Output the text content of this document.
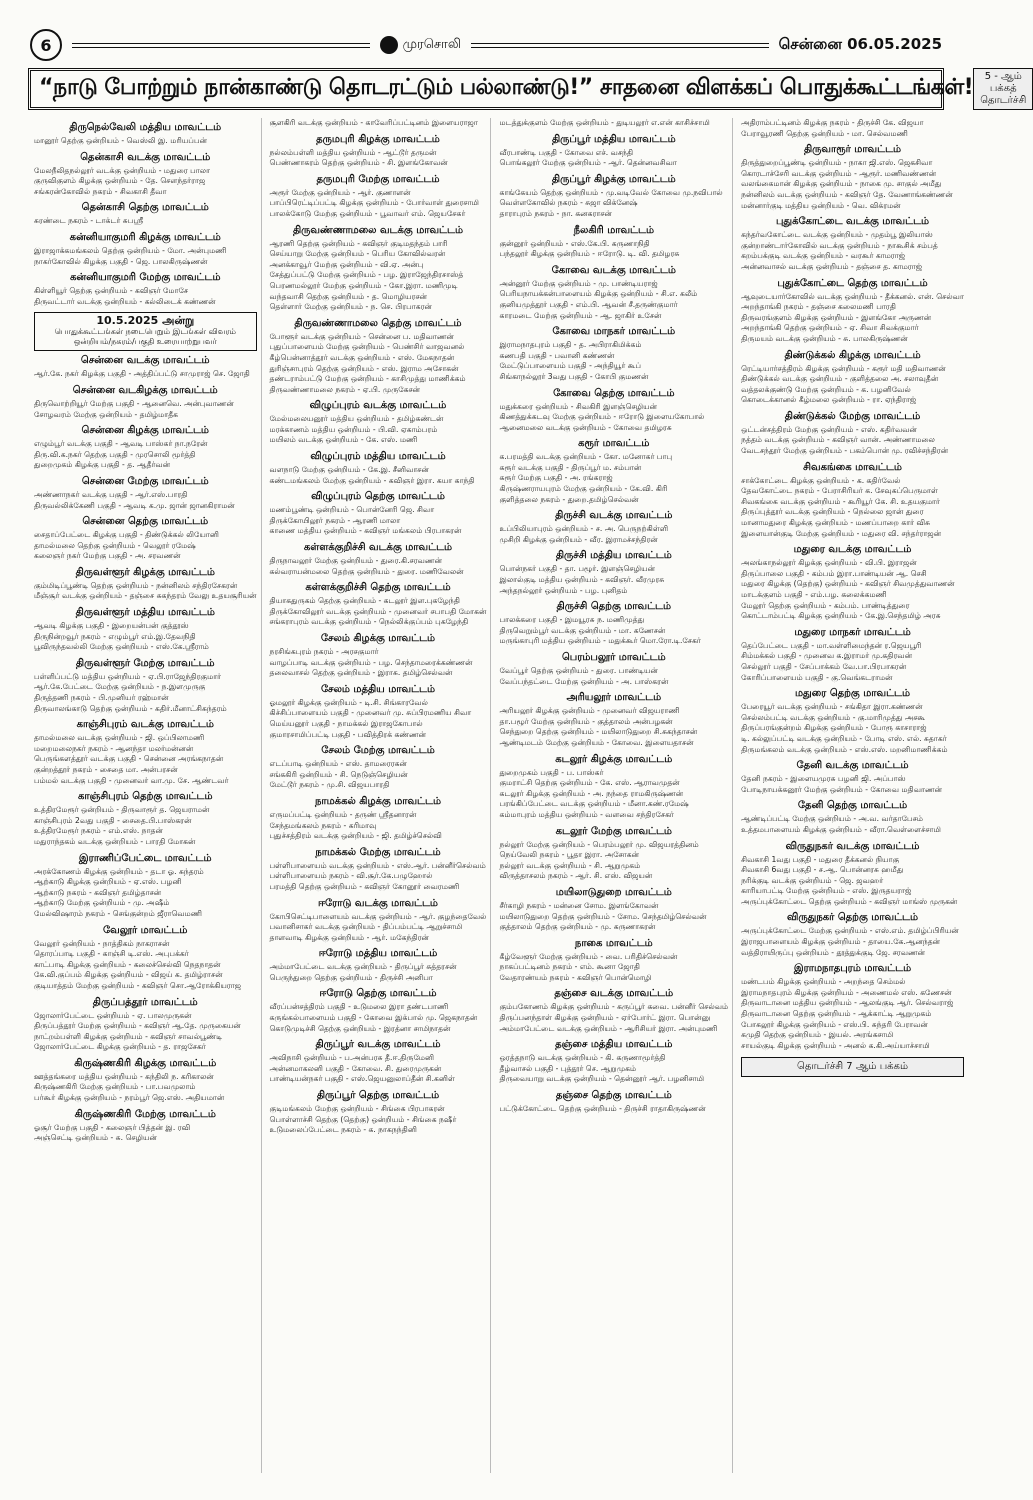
6	முரசொலி	சென்னை 06.05.2025
“நாடு போற்றும் நான்காண்டு தொடரட்டும் பல்லாண்டு!” சாதனை விளக்கப் பொதுக்கூட்டங்கள்!	5 - ஆம் பக்கத்
தொடர்ச்சி
திருநெல்வேலி மத்திய மாவட்டம்
மானூர் தெற்கு ஒன்றியம் - வெஸ்லி இ. மரியப்பன்
தென்காசி வடக்கு மாவட்டம்
மேலநீலிதநல்லூர் வடக்கு ஒன்றியம் - மதுரை பாலா
குருவிகுளம் கிழக்கு ஒன்றியம் - தே. சௌந்தர்ராஜ
சங்கரன்கோவில் நகரம் - சிவகாசி தீவா
தென்காசி தெற்கு மாவட்டம்
சுரண்டை நகரம் - டாக்டர் சுபஸ்ரீ
கன்னியாகுமரி கிழக்கு மாவட்டம்
இராஜாக்கமங்கலம் தெற்கு ஒன்றியம் - மோ. அன்புமணி
நாகர்கோவில் கிழக்கு பகுதி - ஜெ. பாலகிருஷ்ணன்
கன்னியாகுமரி மேற்கு மாவட்டம்
கிள்ளியூர் தெற்கு ஒன்றியம் - கவிஞர் மோசே
திருவட்டார் வடக்கு ஒன்றியம் - கல்லிடைக் கண்ணன்
10.5.2025 அன்று

பொதுக்கூட்டங்கள் நடைபெறும் இடங்கள் விவரம்
ஒன்றியம்/நகரம்/பகுதி உரையாற்றுபவர்
சென்னை வடக்கு மாவட்டம்
ஆர்.கே. நகர் கிழக்கு பகுதி - அத்திப்பட்டு சாமுராஜ் செ. ஜோதி
சென்னை வடகிழக்கு மாவட்டம்
திருவொற்றியூர் மேற்கு பகுதி - ஆனைவெ. அன்புவாணன்
சோழவரம் மேற்கு ஒன்றியம் - தமிழ்மாதீக
சென்னை கிழக்கு மாவட்டம்
எழும்பூர் வடக்கு பகுதி - ஆவடி பாஸ்கர் நா.நரேன்
திரு.வி.க.நகர் தெற்கு பகுதி - முரசொலி மூர்த்தி
துறைமுகம் கிழக்கு பகுதி - த. ஆதீர்வன்
சென்னை மேற்கு மாவட்டம்
அண்ணாநகர் வடக்கு பகுதி - ஆர்.எஸ்.பாரதி
திருவல்லிக்கேணி பகுதி - ஆவடி க.மு. ஜான் ஜானகிராமன்
சென்னை தெற்கு மாவட்டம்
சைதாப்பேட்டை கிழக்கு பகுதி - திண்டுக்கல் லியோனி
தாமல்மலை தெற்கு ஒன்றியம் - வெலூர் ரமேஷ்
கலைஞர் நகர் மேற்கு பகுதி - அ. சரவணன்
திருவள்ளூர் கிழக்கு மாவட்டம்
கும்மிடிப்பூண்டி தெற்கு ஒன்றியம் - நன்னிலம் சந்திரசேகரன்
மீஞ்சூர் வடக்கு ஒன்றியம் - தஞ்சை சுகந்தரம் வேலு உதயசூரியன்
திருவள்ளூர் மத்திய மாவட்டம்
ஆவடி கிழக்கு பகுதி - இறையன்பன் குத்தூஸ்
திருநின்றவூர் நகரம் - எழும்பூர் எம்.இ.தேவநிதி
பூவிருந்தவல்லி மேற்கு ஒன்றியம் - எஸ்.கே.ஸ்ரீராம்
திருவள்ளூர் மேற்கு மாவட்டம்
பள்ளிப்பட்டு மத்திய ஒன்றியம் - ஏ.பி.ராஜேந்திரகுமார்
ஆர்.கே.பேட்டை மேற்கு ஒன்றியம் - ந.இளமுருகு
திருத்தணி நகரம் - பி.முனியர் ரஹ்மான்
திருவாலங்காடு தெற்கு ஒன்றியம் - கதிர்.மீனாட்சிசுந்தரம்
காஞ்சிபுரம் வடக்கு மாவட்டம்
தாமல்மலை வடக்கு ஒன்றியம் - ஜி. ஒப்பிலாமணி
மறைமலைநகர் நகரம் - ஆனந்தா மலர்மன்னன்
பெருங்களத்தூர் வடக்கு பகுதி - சென்னை அரங்கநாதன்
குன்றத்தூர் நகரம் - சைதை மா. அன்பரசன்
பம்மல் வடக்கு பகுதி - முனைவர் வா.மு. சே. ஆண்டவர்
காஞ்சிபுரம் தெற்கு மாவட்டம்
உத்திரமேரூர் ஒன்றியம் - திருவாரூர் த. ஜெயராமன்
காஞ்சிபுரம் 2வது பகுதி - சைதை.பி.பாஸ்கரன்
உத்திரமேரூர் நகரம் - எம்.எஸ். நாதன்
மதுராந்தகம் வடக்கு ஒன்றியம் - பாரதி மோகன்
இராணிப்பேட்டை மாவட்டம்
அரக்கோணம் கிழக்கு ஒன்றியம் - தடா ஓ. சுந்தரம்
ஆற்காடு கிழக்கு ஒன்றியம் - ஏ.எஸ். பழனி
ஆற்காடு நகரம் - கவிஞர் தமிழ்தாசன்
ஆற்காடு மேற்கு ஒன்றியம் - மு. அஷீம்
மேல்விஷாரம் நகரம் - செங்குன்றம் ஜீராவெமணி
வேலூர் மாவட்டம்
வேலூர் ஒன்றியம் - நாத்திகம் நாகராசன்
தொரப்பாடி பகுதி - காஞ்சி டி.எஸ். அபுபக்கர்
காட்பாடி கிழக்கு ஒன்றியம் - கலைச்செல்வி நெதநாதன்
கே.வி.குப்பம் கிழக்கு ஒன்றியம் - விஜய் க. தமிழ்ராசன்
குடியாத்தம் மேற்கு ஒன்றியம் - கவிஞர் சொ.ஆரோக்கியராஜ
திருப்பத்தூர் மாவட்டம்
ஜோலார்பேட்டை ஒன்றியம் - ஏ. பாலமுருகன்
திருப்பத்தூர் மேற்கு ஒன்றியம் - கவிஞர் ஆ.தே. முருகையன்
நாட்றம்பள்ளி கிழக்கு ஒன்றியம் - கவிஞர் சாவல்பூண்டி
ஜோலார்பேட்டை கிழக்கு ஒன்றியம் - த. ராஜசேகர்
கிருஷ்ணகிரி கிழக்கு மாவட்டம்
ஊத்தங்கரை மத்திய ஒன்றியம் - கந்திலி ந. கரிகாலன்
கிருஷ்ணகிரி மேற்கு ஒன்றியம் - பா.பவமுலாம்
பர்கூர் கிழக்கு ஒன்றியம் - நரம்பூர் ஜெ.எஸ். அதியமான்
கிருஷ்ணகிரி மேற்கு மாவட்டம்
ஓசூர் மேற்கு பகுதி - கலைஞர் பித்தன் இ. ரவி
அஞ்செட்டி ஒன்றியம் - சு. செழியன்
சூளகிரி வடக்கு ஒன்றியம் - காவேரிப்பட்டினம் இளையராஜா
தருமபுரி கிழக்கு மாவட்டம்
நல்லம்பள்ளி மத்திய ஒன்றியம் - ஆட்டூர் தருமன்
பெண்ணாகரம் தெற்கு ஒன்றியம் - சி. இளங்கோவன்
தருமபுரி மேற்கு மாவட்டம்
அரூர் மேற்கு ஒன்றியம் - ஆர். குணாளன்
பாப்பிரெட்டிப்பட்டி கிழக்கு ஒன்றியம் - போர்வாள் துரைசாமி
பாலக்கோடு மேற்கு ஒன்றியம் - பூவாவர் எம். ஜெயசேகர்
திருவண்ணாமலை வடக்கு மாவட்டம்
ஆரணி தெற்கு ஒன்றியம் - கவிஞர் குடிமதந்தம் பாரி
செய்யாறு மேற்கு ஒன்றியம் - பெரிய கோவில்வரன்
அனக்காவூர் மேற்கு ஒன்றியம் - வி.ஏ. அன்பு
சேத்துப்பட்டு மேற்கு ஒன்றியம் - பழ. இராஜேந்திரசாஸ்த்
பெரணமல்லூர் மேற்கு ஒன்றியம் - கோ.இரா. மணிமுடி
வந்தவாசி தெற்கு ஒன்றியம் - த. மொழியரசன்
தெள்ளார் மேற்கு ஒன்றியம் - ந. செ. பிரபாகரன்
திருவண்ணாமலை தெற்கு மாவட்டம்
போளூர் வடக்கு ஒன்றியம் - சென்னை ப. மதிவாணன்
புதுப்பாளையம் மேற்கு ஒன்றியம் - பெண்சிர் வாஜவனல்
கீழ்பென்னாத்தூர் வடக்கு ஒன்றியம் - எஸ். மேகநாதன்
துரிஞ்சாபுரம் தெற்கு ஒன்றியம் - எஸ். இராம அசோகன்
தண்டராம்பட்டு மேற்கு ஒன்றியம் - காசிமுத்து மாணிக்கம்
திருவண்ணாமலை நகரம் - ஏ.பி. முருகேசன்
விழுப்புரம் வடக்கு மாவட்டம்
மேல்மலையனூர் மத்திய ஒன்றியம் - தமிழ்கண்டன்
மரக்காணம் மத்திய ஒன்றியம் - பி.வி. ஏகாம்பரம்
மயிலம் வடக்கு ஒன்றியம் - கே. எஸ். மணி
விழுப்புரம் மத்திய மாவட்டம்
வளநாடு மேற்கு ஒன்றியம் - கே.இ. சீனிவாசன்
கண்டமங்கலம் மேற்கு ஒன்றியம் - கவிஞர் இரா. கயா காந்தி
விழுப்புரம் தெற்கு மாவட்டம்
மணம்பூண்டி ஒன்றியம் - பொன்னேரி ஜெ. சிவா
திருக்கோயிலூர் நகரம் - ஆரணி மாலா
காணை மத்திய ஒன்றியம் - கவிஞர் மங்கலம் பிரபாகரன்
கள்ளக்குறிச்சி வடக்கு மாவட்டம்
திருநாவலூர் மேற்கு ஒன்றியம் - துரை.கி.சரவணன்
கல்வராயன்மலை தெற்கு ஒன்றியம் - துரை. மணிவேலன்
கள்ளக்குறிச்சி தெற்கு மாவட்டம்
தியாகதுருகம் தெற்கு ஒன்றியம் - கடலூர் இள.புகழேந்தி
திருக்கோவிலூர் வடக்கு ஒன்றியம் - முனைவர் சபாபதி மோகன்
சங்கராபுரம் வடக்கு ஒன்றியம் - நெல்லிக்குப்பம் புகழேந்தி
சேலம் கிழக்கு மாவட்டம்
நரசிங்கபுரம் நகரம் - அரசகுமார்
வாழப்பாடி வடக்கு ஒன்றியம் - பழ. செந்தாமரைக்கண்ணன்
தலைவாசல் தெற்கு ஒன்றியம் - இராசு. தமிழ்செல்வன்
சேலம் மத்திய மாவட்டம்
ஓமலூர் கிழக்கு ஒன்றியம் - டி.சி. சிங்காரவேல்
கிச்சிப்பாளையம் பகுதி - முனைவர் மு. சுப்பிரமணிய சிவா
மெய்யனூர் பகுதி - நாமக்கல் இராஜகோபால்
குமாரசாமிப்பட்டி பகுதி - பவித்திரக் கண்ணன்
சேலம் மேற்கு மாவட்டம்
எடப்பாடி ஒன்றியம் - எஸ். தாமரைரகன்
சங்ககிரி ஒன்றியம் - சி. நெடுஞ்செழியன்
மேட்டூர் நகரம் - மு.சி. விஜயபாரதி
நாமக்கல் கிழக்கு மாவட்டம்
எருமப்பட்டி ஒன்றியம் - தருண் ஸ்ரீதனாரன்
சேந்தமங்கலம் நகரம் - கரிமாவு
புதுச்சத்திரம் வடக்கு ஒன்றியம் - ஜி. தமிழ்ச்செல்வி
நாமக்கல் மேற்கு மாவட்டம்
பள்ளிபாளையம் வடக்கு ஒன்றியம் - எஸ்.ஆர். பன்னீர்செல்வம்
பள்ளிபாளையம் நகரம் - வி.சூர்.கே.பழுஹோல்
பரமத்தி தெற்கு ஒன்றியம் - கவிஞர் கோனூர் வைரமணி
ஈரோடு வடக்கு மாவட்டம்
கோபிசெட்டிபாளையம் வடக்கு ஒன்றியம் - ஆர். குழந்தைவேல்
பவானிசாகர் வடக்கு ஒன்றியம் - திப்பம்பட்டி ஆறுச்சாமி
தாளவாடி கிழக்கு ஒன்றியம் - ஆர். மகேந்திரன்
ஈரோடு மத்திய மாவட்டம்
அம்மாபேட்டை வடக்கு ஒன்றியம் - திருப்பூர் சுத்தரசன்
பெருந்துறை தெற்கு ஒன்றியம் - திருச்சி அனிபா
ஈரோடு தெற்கு மாவட்டம்
வீரப்பன்சத்திரம் பகுதி - உடுமலை இரா தண்டபாணி
கருங்கல்பாளையம் பகுதி - கோவை இக்பால் மு. ஜெகநாதன்
கொடுமுடிச்சி தெற்கு ஒன்றியம் - இரத்னா சாமிநாதன்
திருப்பூர் வடக்கு மாவட்டம்
அவிநாசி ஒன்றியம் - ப.அன்பரசு தீ.ஈ.திருமேனி
அன்னமாகலனி பகுதி - கோவை. சி. துரைமுருகன்
பாண்டியன்நகர் பகுதி - எஸ்.ஜெயனுலாப்தீன் சி.கனிள்
திருப்பூர் தெற்கு மாவட்டம்
குடிமங்கலம் மேற்கு ஒன்றியம் - சிங்கை பிரபாகரன்
பொள்ளாச்சி தெற்கு (தெற்கு) ஒன்றியம் - சிங்கை நஷீர்
உடுமலைப்பேட்டை நகரம் - க. நாகநந்தினி
மடத்துக்குளம் மேற்கு ஒன்றியம் - துடியலூர் எ.என் காசிச்சாமி
திருப்பூர் மத்திய மாவட்டம்
வீரபாண்டி பகுதி - கோவை எச். வசந்தி
பொங்கலூர் மேற்கு ஒன்றியம் - ஆர். தென்னவசிவா
திருப்பூர் கிழக்கு மாவட்டம்
காங்கேயம் தெற்கு ஒன்றியம் - மு.வடிவேல் கோவை மு.நவிபால்
வெள்ளகோவில் நகரம் - சுஜா விக்னேஷ்
தாராபுரம் நகரம் - நா. கனகராசன்
நீலகிரி மாவட்டம்
குன்னூர் ஒன்றியம் - எஸ்.கே.பி. கருணாநிதி
பந்தலூர் கிழக்கு ஒன்றியம் - ஈரோடு. டி. வி. தமிழரசு
கோவை வடக்கு மாவட்டம்
அன்னூர் மேற்கு ஒன்றியம் - மு. பாண்டியராஜ்
பெரியநாயக்கன்பாளையம் கிழக்கு ஒன்றியம் - சி.எ. கலீம்
குனியமுத்தூர் பகுதி - எம்.பி. ஆவன் சீ.தருண்குமார்
காரமடை மேற்கு ஒன்றியம் - ஆ. ஜாகிர் உசேன்
கோவை மாநகர் மாவட்டம்
இராமநாதபுரம் பகுதி - த. அபிராகிமிக்கம்
கணபதி பகுதி - பவானி கண்ணன்
மேட்டுப்பாளையம் பகுதி - அந்தியூர் கூப்
சிங்காநல்லூர் 3வது பகுதி - கோபி குமணன்
கோவை தெற்கு மாவட்டம்
மதுக்கரை ஒன்றியம் - சிவகிரி இளஞ்செழியன்
கிணத்துக்கடவு மேற்கு ஒன்றியம் - ஈரோடு இளையகோபால்
ஆனைமலை வடக்கு ஒன்றியம் - கோவை தமிழரசு
கரூர் மாவட்டம்
க.பரமத்தி வடக்கு ஒன்றியம் - கோ. மனோகர் பாபு
கரூர் வடக்கு பகுதி - திருப்பூர் ம. சம்பான்
கரூர் மேற்கு பகுதி - அ. ரங்கராஜ்
கிருஷ்ணராயபுரம் மேற்கு ஒன்றியம் - கே.வி. கிரி
குளித்தலை நகரம் - துறை.தமிழ்செல்வன்
திருச்சி வடக்கு மாவட்டம்
உப்பிலியாபுரம் ஒன்றியம் - ச. அ. பெருநற்கிள்ளி
முசிறி கிழக்கு ஒன்றியம் - வீர. இராமச்சந்திரன்
திருச்சி மத்திய மாவட்டம்
பொன்நகர் பகுதி - தா. பழூர். இளஞ்செழியன்
இலால்குடி மத்திய ஒன்றியம் - கவிஞர். வீரமுரசு
அந்தநல்லூர் ஒன்றியம் - பழ. புனிதம்
திருச்சி தெற்கு மாவட்டம்
பாலக்கரை பகுதி - இமயூரசு ந. மணிமுத்து
திருவெறும்பூர் வடக்கு ஒன்றியம் - மா. கணேசன்
மருங்காபுரி மத்திய ஒன்றியம் - மதுக்கூர் மொ.ரோ.டி.சேகர்
பெரம்பலூர் மாவட்டம்
வேப்பூர் தெற்கு ஒன்றியம் - துரை. பாண்டியன்
வேப்பந்தட்டை மேற்கு ஒன்றியம் - அ. பாஸ்கரன்
அரியலூர் மாவட்டம்
அரியலூர் கிழக்கு ஒன்றியம் - முனைவர் விஜயராணி
தா.பழூர் மேற்கு ஒன்றியம் - குத்தாலம் அன்பழகன்
செந்துறை தெற்கு ஒன்றியம் - மயிலாடுதுறை சி.சுகந்தாசன்
ஆண்டிமடம் மேற்கு ஒன்றியம் - கோவை. இளையதாசன்
கடலூர் கிழக்கு மாவட்டம்
துறைமுகம் பகுதி - ப. பாஸ்கர்
குமராட்சி தெற்கு ஒன்றியம் - கே. எஸ். ஆராவமுதன்
கடலூர் கிழக்கு ஒன்றியம் - அ. நந்தை ராமகிருஷ்ணன்
பரங்கிப்பேட்டை வடக்கு ஒன்றியம் - மீனா.கண்.ரமேஷ்
கம்மாபுரம் மத்திய ஒன்றியம் - வளவை சந்திரசேகர்
கடலூர் மேற்கு மாவட்டம்
நல்லூர் மேற்கு ஒன்றியம் - பெரம்பலூர் மு. விஜயரத்தினம்
நெய்வேலி நகரம் - பூதா இரா. அசோகன்
நல்லூர் வடக்கு ஒன்றியம் - சி. ஆறுமுகம்
விருத்தாசலம் நகரம் - ஆர். சி. எஸ். விஜயன்
மயிலாடுதுறை மாவட்டம்
சீர்காழி நகரம் - மன்னை சோம. இளங்கோவன்
மயிலாடுதுறை தெற்கு ஒன்றியம் - சோம. செந்தமிழ்செல்வன்
குத்தாலம் தெற்கு ஒன்றியம் - மு. கருணாகரன்
நாகை மாவட்டம்
கீழ்வேளூர் மேற்கு ஒன்றியம் - வை. பரிதிச்செல்வன்
நாகப்பட்டினம் நகரம் - எம். கூனா ஜோதி
வேதாரண்யம் நகரம் - கவிஞர் பொன்மொழி
தஞ்சை வடக்கு மாவட்டம்
கும்பகோணம் கிழக்கு ஒன்றியம் - கருப்பூர் கவை. பன்னீர் செல்வம்
திருப்பனந்தாள் கிழக்கு ஒன்றியம் - ஏர்போர்ட் இரா. பொன்னு
அம்மாபேட்டை வடக்கு ஒன்றியம் - ஆரிசியர் இரா. அன்புமணி
தஞ்சை மத்திய மாவட்டம்
ஒரத்தநாடு வடக்கு ஒன்றியம் - கி. கருணாமூர்த்தி
தீழ்வாசல் பகுதி - புத்தூர் செ. ஆறுமுகம்
திருவையாறு வடக்கு ஒன்றியம் - தென்னூர் ஆர். பழனிசாமி
தஞ்சை தெற்கு மாவட்டம்
பட்டுக்கோட்டை தெற்கு ஒன்றியம் - திருச்சி ராதாகிருஷ்ணன்
அதிராம்பட்டினம் கிழக்கு நகரம் - திருச்சி கே. விஜயா
பேராவூரணி தெற்கு ஒன்றியம் - மா. செல்வமணி
திருவாரூர் மாவட்டம்
திருத்துறைப்பூண்டி ஒன்றியம் - நாகா ஜி.எஸ். ஜெகசிவா
கொரடாச்சேரி வடக்கு ஒன்றியம் - ஆரூர். மணிவண்ணன்
வலங்கைமான் கிழக்கு ஒன்றியம் - நாகை மு. சாகுல் அமீது
நன்னிலம் வடக்கு ஒன்றியம் - கவிஞர் தே. வேணாங்கண்ணன்
மன்னார்குடி மத்திய ஒன்றியம் - வெ. விக்ரமன்
புதுக்கோட்டை வடக்கு மாவட்டம்
கந்தர்வகோட்டை வடக்கு ஒன்றியம் - முதம்பூ இலியாஸ்
குன்றாண்டார்கோவில் வடக்கு ஒன்றியம் - நாகூசிக் சம்பத்
கறம்பக்குடி வடக்கு ஒன்றியம் - வரகூர் காமராஜ்
அன்னவாசல் வடக்கு ஒன்றியம் - தஞ்சை த. காமராஜ்
புதுக்கோட்டை தெற்கு மாவட்டம்
ஆவுடையார்கோவில் வடக்கு ஒன்றியம் - தீக்கனல். என். செல்வா
அறந்தாங்கி நகரம் - தஞ்சை கலைமணி பாரதி
திருவரங்குளம் கிழக்கு ஒன்றியம் - இளங்கோ அருணன்
அறந்தாங்கி தெற்கு ஒன்றியம் - ஏ. சிவா சிவக்குமார்
திருமயம் வடக்கு ஒன்றியம் - சு. பாலகிருஷ்ணன்
திண்டுக்கல் கிழக்கு மாவட்டம்
ரெட்டியார்சத்திரம் கிழக்கு ஒன்றியம் - கரூர் மதி மதிவாணன்
திண்டுக்கல் வடக்கு ஒன்றியம் - குளித்தலை அ. சலாவுதீன்
வத்தலக்குண்டு மேற்கு ஒன்றியம் - க. பழனிவேல்
கொடைக்கானல் கீழ்மலை ஒன்றியம் - ரா. ஏந்திராஜ்
திண்டுக்கல் மேற்கு மாவட்டம்
ஒட்டன்சத்திரம் மேற்கு ஒன்றியம் - எஸ். கதிர்வவன்
நத்தம் வடக்கு ஒன்றியம் - கவிஞர் வான். அண்ணாமலை
வேடசந்தூர் மேற்கு ஒன்றியம் - பகம்பொன் மு. ரவிச்சந்திரன்
சிவகங்கை மாவட்டம்
சாக்கோட்டை கிழக்கு ஒன்றியம் - க. கதிர்வேல்
தேவகோட்டை நகரம் - பேராசிரியர் க. சேவுகப்பெருமாள்
சிவகங்கை வடக்கு ஒன்றியம் - கூரியூர் கே. சி. உதயகுமார்
திருப்புத்தூர் வடக்கு ஒன்றியம் - நெல்லை ஜான் துரை
மானாமதுரை கிழக்கு ஒன்றியம் - மணப்பாறை கார் விசு
இளையான்குடி மேற்கு ஒன்றியம் - மதுரை வி. சந்தர்ராஜன்
மதுரை வடக்கு மாவட்டம்
அலங்காநல்லூர் கிழக்கு ஒன்றியம் - வி.பி. இராஜன்
திருப்பாலை பகுதி - கம்பம் இரா.பாண்டியன் ஆ. செசி
மதுரை கிழக்கு (தெற்கு) ஒன்றியம் - கவிஞர் சிவமுத்துவாணன்
மாடக்குளம் பகுதி - எம்.பழ. கலைக்கமணி
மேலூர் தெற்கு ஒன்றியம் - கம்பம். பாண்டித்துரை
கொட்டாம்பட்டி கிழக்கு ஒன்றியம் - கே.இ.செந்தமிழ் அரசு
மதுரை மாநகர் மாவட்டம்
தெப்பேட்டை பகுதி - மா.வள்ளிமைந்தன் ர.ஜெயபூரி
சிம்மக்கல் பகுதி - முனைவ க.இராமர் மு.கதிரவன்
செல்லூர் பகுதி - சேப்பாக்கம் வே.பா.பிரபாகரன்
கோரிப்பாளையம் பகுதி - கு.வெங்கடராமன்
மதுரை தெற்கு மாவட்டம்
பேரையூர் வடக்கு ஒன்றியம் - சங்கிதா இரா.கண்ணன்
செல்லம்பட்டி வடக்கு ஒன்றியம் - கு.மாரிமுத்து அசகூ
திருப்பரங்குன்றம் கிழக்கு ஒன்றியம் - போரூ காசாராஜ்
டி. கல்லுப்பட்டி வடக்கு ஒன்றியம் - போடி எஸ். எல். சுதாகர்
திருமங்கலம் வடக்கு ஒன்றியம் - எஸ்.எஸ். மறனிமாணிக்கம்
தேனி வடக்கு மாவட்டம்
தேனி நகரம் - இளையமுரசு பழனி ஜி. அப்பாஸ்
போடிநாயக்கனூர் மேற்கு ஒன்றியம் - கோவை மதிவாணன்
தேனி தெற்கு மாவட்டம்
ஆண்டிப்பட்டி மேற்கு ஒன்றியம் - அ.வ. வர்தாபேசம்
உத்தமபாளையம் கிழக்கு ஒன்றியம் - வீரா.வெள்ளைச்சாமி
விருதுநகர் வடக்கு மாவட்டம்
சிவகாசி 1வது பகுதி - மதுரை தீக்கனல் நியாகு
சிவகாசி 6வது பகுதி - ச.ஆ. பொன்னரசு ஹமீது
நரிக்குடி வடக்கு ஒன்றியம் - ஜெ. ஜவஹர்
காரியாபட்டி மேற்கு ஒன்றியம் - எஸ். இருதயராஜ்
அருப்புக்கோட்டை தெற்கு ஒன்றியம் - கவிஞர் மாங்ஸ் முருகன்
விருதுநகர் தெற்கு மாவட்டம்
அருப்புக்கோட்டை மேற்கு ஒன்றியம் - எஸ்.எம். தமிழ்ப்பிரியன்
இராஜபாளையம் கிழக்கு ஒன்றியம் - தாயை.கே.ஆனந்தன்
வத்திராயிருப்பு ஒன்றியம் - தூத்துக்குடி ஜே. சரவணன்
இராமநாதபுரம் மாவட்டம்
மண்டபம் கிழக்கு ஒன்றியம் - அறந்தை செம்மல்
இராமநாதபுரம் கிழக்கு ஒன்றியம் - அணைமல் எஸ். கணேசன்
திருவாடானை மத்திய ஒன்றியம் - ஆலங்குடி ஆர். செல்வராஜ்
திருவாடானை தெற்கு ஒன்றியம் - ஆக்காட்டி ஆறுமுகம்
போகலூர் கிழக்கு ஒன்றியம் - எஸ்.பி. சுந்தரி பேராவன்
கமுதி தெற்கு ஒன்றியம் - இயல். அரங்கசாமி
சாயல்குடி கிழக்கு ஒன்றியம் - அனல் க.கி.அய்யாச்சாமி
தொடர்ச்சி 7 ஆம் பக்கம்
